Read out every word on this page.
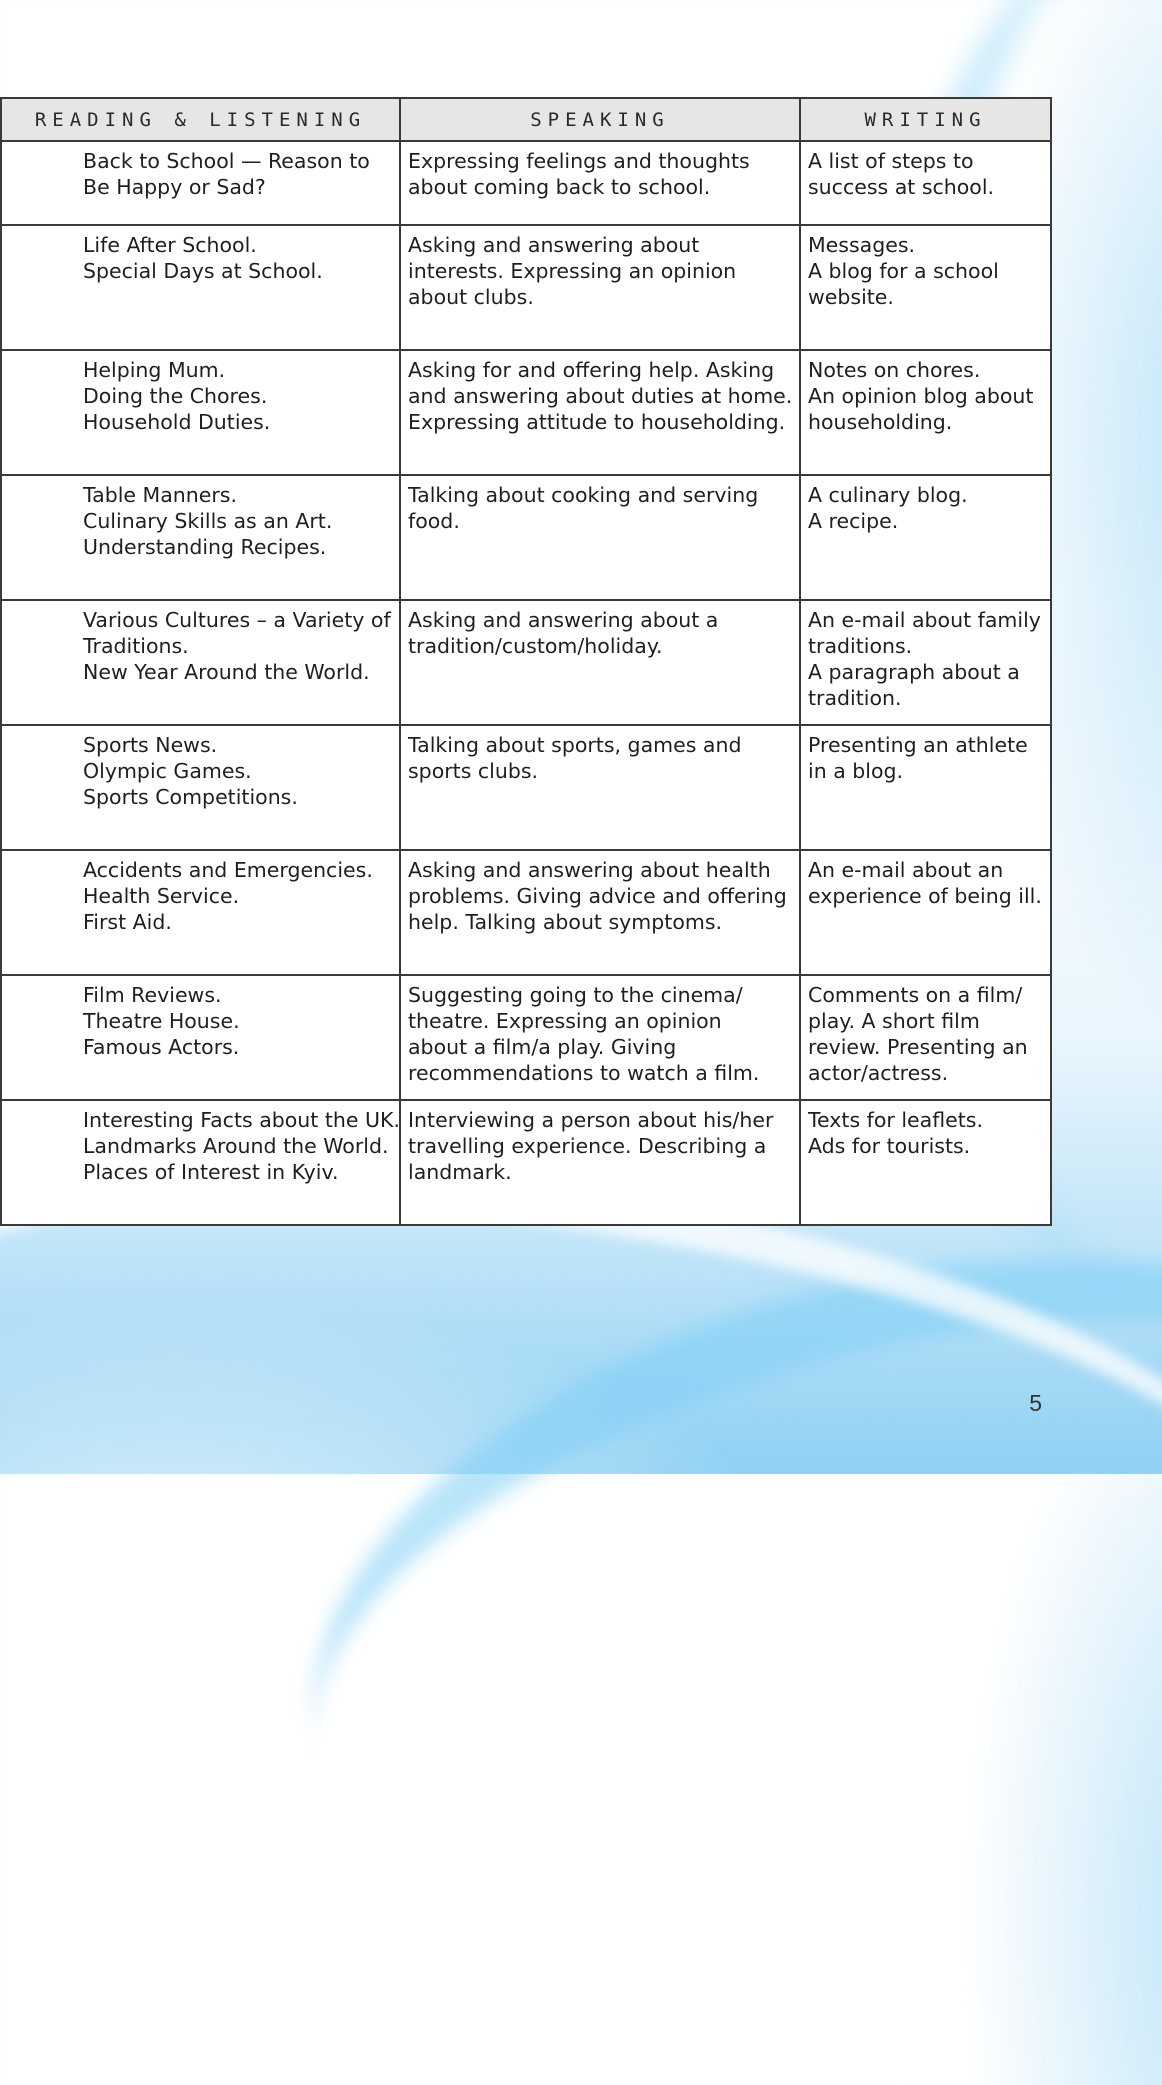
READING & LISTENING	SPEAKING	WRITING

Back to School — Reason to
Be Happy or Sad?	Expressing feelings and thoughts
about coming back to school.	A list of steps to
success at school.

Life After School.
Special Days at School.	Asking and answering about
interests. Expressing an opinion
about clubs.	Messages.
A blog for a school
website.

Helping Mum.
Doing the Chores.
Household Duties.	Asking for and offering help. Asking
and answering about duties at home.
Expressing attitude to householding.	Notes on chores.
An opinion blog about
householding.

Table Manners.
Culinary Skills as an Art.
Understanding Recipes.	Talking about cooking and serving
food.	A culinary blog.
A recipe.

Various Cultures – a Variety of
Traditions.
New Year Around the World.	Asking and answering about a
tradition/custom/holiday.	An e-mail about family
traditions.
A paragraph about a
tradition.

Sports News.
Olympic Games.
Sports Competitions.	Talking about sports, games and
sports clubs.	Presenting an athlete
in a blog.

Accidents and Emergencies.
Health Service.
First Aid.	Asking and answering about health
problems. Giving advice and offering
help. Talking about symptoms.	An e-mail about an
experience of being ill.

Film Reviews.
Theatre House.
Famous Actors.	Suggesting going to the cinema/
theatre. Expressing an opinion
about a film/a play. Giving
recommendations to watch a film.	Comments on a film/
play. A short film
review. Presenting an
actor/actress.

Interesting Facts about the UK.
Landmarks Around the World.
Places of Interest in Kyiv.	Interviewing a person about his/her
travelling experience. Describing a
landmark.	Texts for leaflets.
Ads for tourists.
5
